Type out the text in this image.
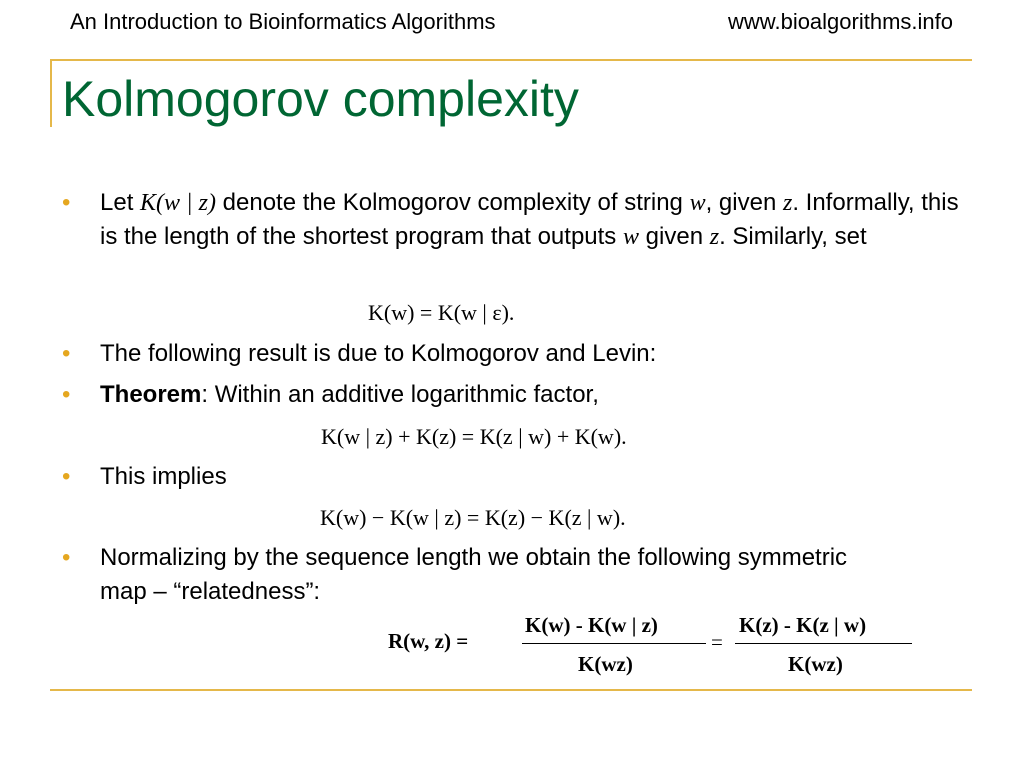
An Introduction to Bioinformatics Algorithms	www.bioalgorithms.info
Kolmogorov complexity
• Let K(w | z) denote the Kolmogorov complexity of string w, given z. Informally, this is the length of the shortest program that outputs w given z. Similarly, set
K(w) = K(w | ε).
• The following result is due to Kolmogorov and Levin:
• Theorem: Within an additive logarithmic factor,
K(w | z) + K(z) = K(z | w) + K(w).
• This implies
K(w) − K(w | z) = K(z) − K(z | w).
• Normalizing by the sequence length we obtain the following symmetric map – “relatedness”:
R(w, z) =
K(w) - K(w | z)
K(wz)
=
K(z) - K(z | w)
K(wz)
